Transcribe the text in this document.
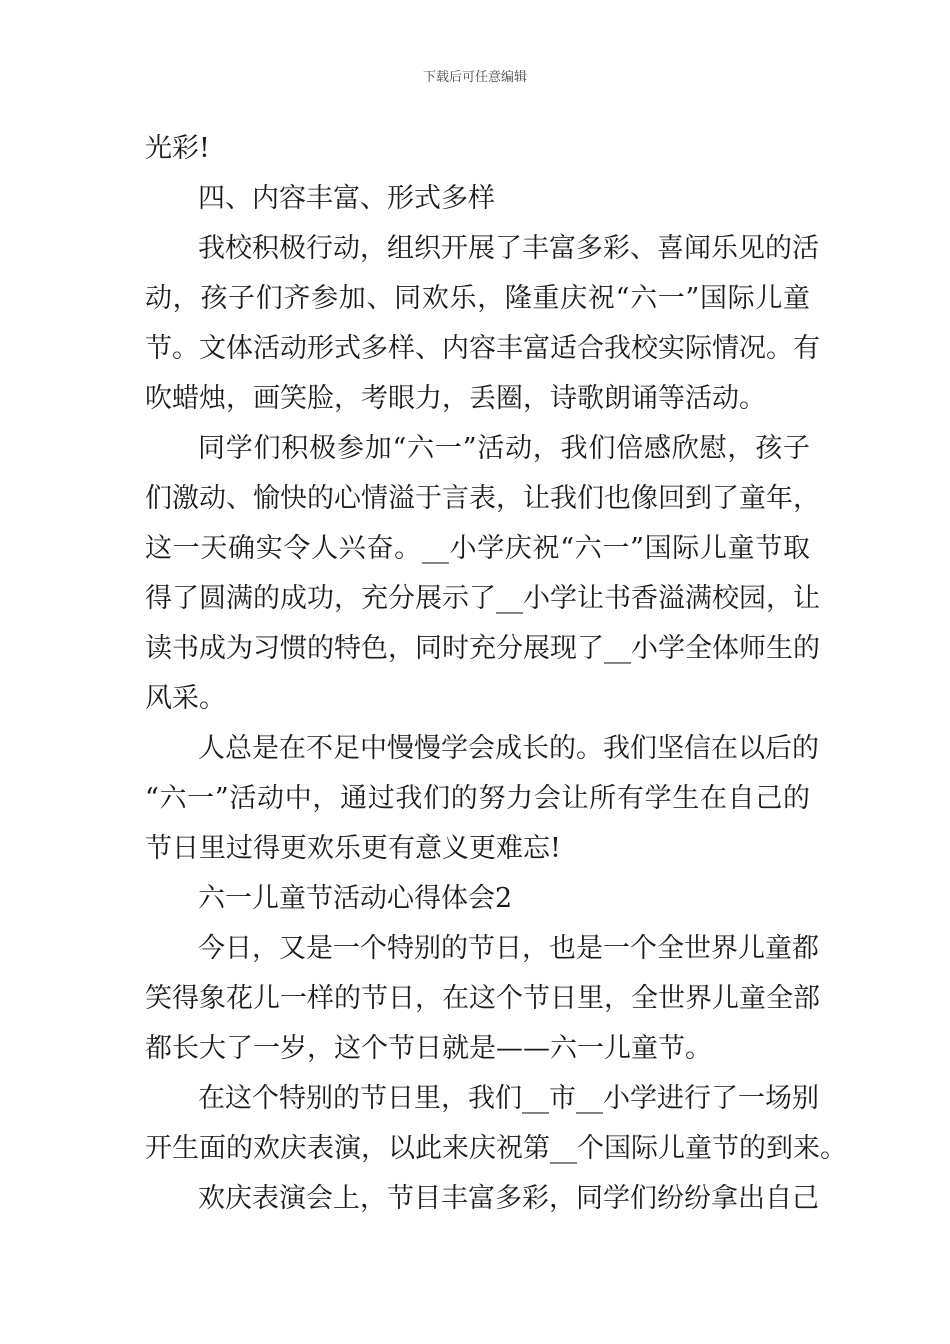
下载后可任意编辑
光彩!
四、内容丰富、形式多样
我校积极行动，组织开展了丰富多彩、喜闻乐见的活
动，孩子们齐参加、同欢乐，隆重庆祝“六一”国际儿童
节。文体活动形式多样、内容丰富适合我校实际情况。有
吹蜡烛，画笑脸，考眼力，丢圈，诗歌朗诵等活动。
同学们积极参加“六一”活动，我们倍感欣慰，孩子
们激动、愉快的心情溢于言表，让我们也像回到了童年，
这一天确实令人兴奋。__小学庆祝“六一”国际儿童节取
得了圆满的成功，充分展示了__小学让书香溢满校园，让
读书成为习惯的特色，同时充分展现了__小学全体师生的
风采。
人总是在不足中慢慢学会成长的。我们坚信在以后的
“六一”活动中，通过我们的努力会让所有学生在自己的
节日里过得更欢乐更有意义更难忘!
六一儿童节活动心得体会2
今日，又是一个特别的节日，也是一个全世界儿童都
笑得象花儿一样的节日，在这个节日里，全世界儿童全部
都长大了一岁，这个节日就是——六一儿童节。
在这个特别的节日里，我们__市__小学进行了一场别
开生面的欢庆表演，以此来庆祝第__个国际儿童节的到来。
欢庆表演会上，节目丰富多彩，同学们纷纷拿出自己
